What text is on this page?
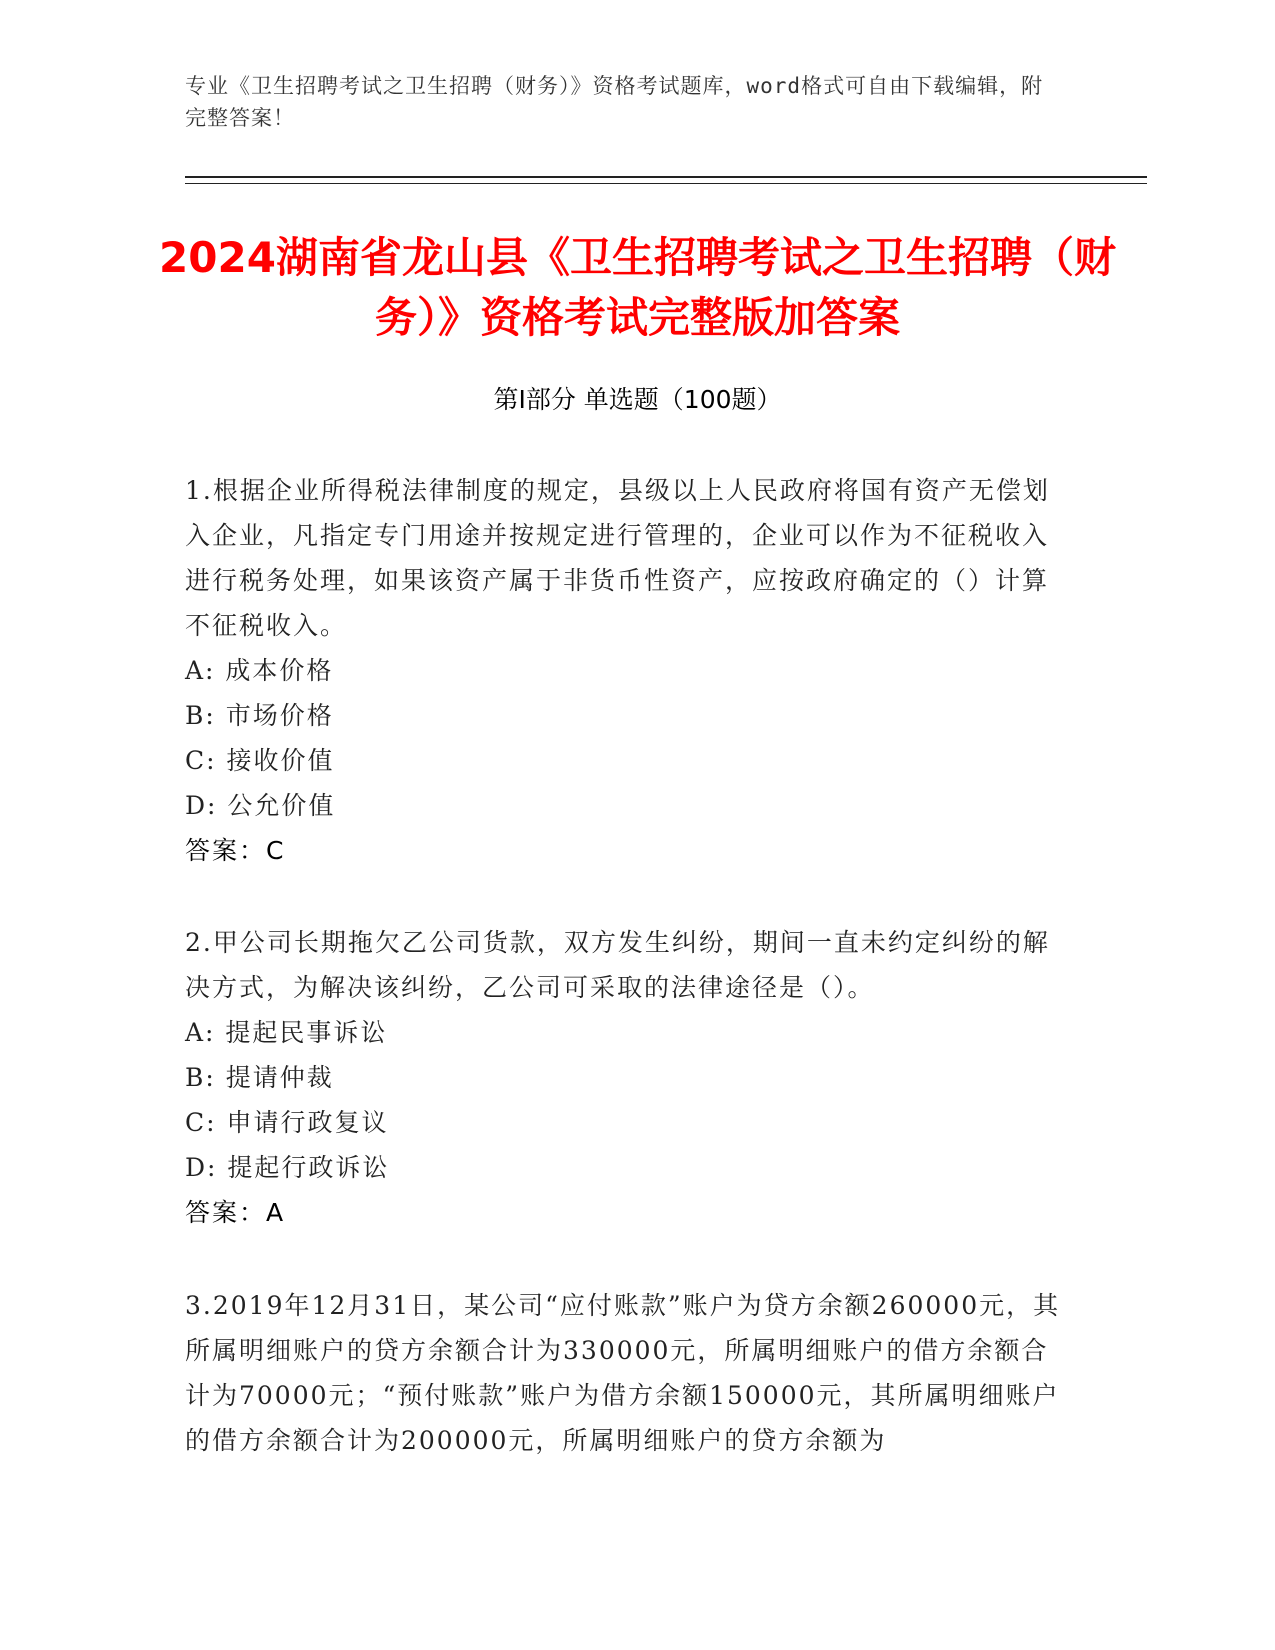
专业《卫生招聘考试之卫生招聘（财务）》资格考试题库，word格式可自由下载编辑，附完整答案！
2024湖南省龙山县《卫生招聘考试之卫生招聘（财务）》资格考试完整版加答案
第Ⅰ部分 单选题（100题）

1.根据企业所得税法律制度的规定，县级以上人民政府将国有资产无偿划入企业，凡指定专门用途并按规定进行管理的，企业可以作为不征税收入进行税务处理，如果该资产属于非货币性资产，应按政府确定的（）计算不征税收入。

A: 成本价格

B: 市场价格

C: 接收价值

D: 公允价值

答案：C

2.甲公司长期拖欠乙公司货款，双方发生纠纷，期间一直未约定纠纷的解决方式，为解决该纠纷，乙公司可采取的法律途径是（）。

A: 提起民事诉讼

B: 提请仲裁

C: 申请行政复议

D: 提起行政诉讼

答案：A

3.2019年12月31日，某公司“应付账款”账户为贷方余额260000元，其所属明细账户的贷方余额合计为330000元，所属明细账户的借方余额合计为70000元；“预付账款”账户为借方余额150000元，其所属明细账户的借方余额合计为200000元，所属明细账户的贷方余额为
